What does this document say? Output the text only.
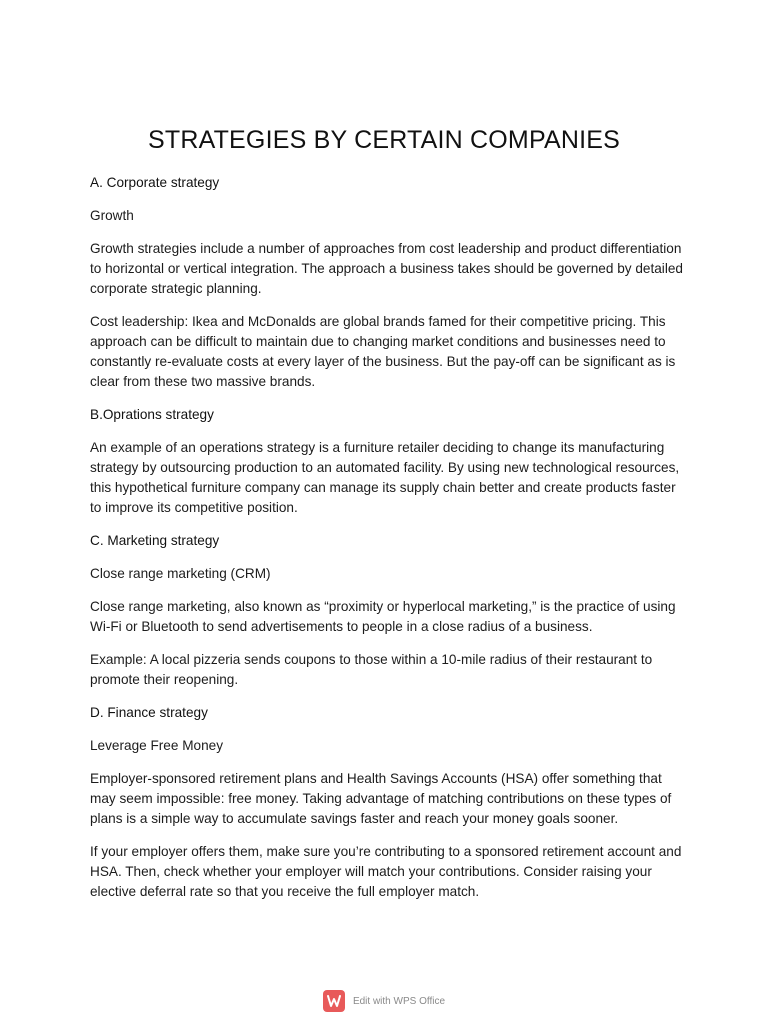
STRATEGIES BY CERTAIN COMPANIES
A. Corporate strategy

Growth

Growth strategies include a number of approaches from cost leadership and product differentiation to horizontal or vertical integration. The approach a business takes should be governed by detailed corporate strategic planning.

Cost leadership: Ikea and McDonalds are global brands famed for their competitive pricing. This approach can be difficult to maintain due to changing market conditions and businesses need to constantly re-evaluate costs at every layer of the business. But the pay-off can be significant as is clear from these two massive brands.

B.Oprations strategy

An example of an operations strategy is a furniture retailer deciding to change its manufacturing strategy by outsourcing production to an automated facility. By using new technological resources, this hypothetical furniture company can manage its supply chain better and create products faster to improve its competitive position.

C. Marketing strategy

Close range marketing (CRM)

Close range marketing, also known as “proximity or hyperlocal marketing,” is the practice of using Wi-Fi or Bluetooth to send advertisements to people in a close radius of a business.

Example: A local pizzeria sends coupons to those within a 10-mile radius of their restaurant to promote their reopening.

D. Finance strategy

Leverage Free Money

Employer-sponsored retirement plans and Health Savings Accounts (HSA) offer something that may seem impossible: free money. Taking advantage of matching contributions on these types of plans is a simple way to accumulate savings faster and reach your money goals sooner.

If your employer offers them, make sure you’re contributing to a sponsored retirement account and HSA. Then, check whether your employer will match your contributions. Consider raising your elective deferral rate so that you receive the full employer match.

Edit with WPS Office
